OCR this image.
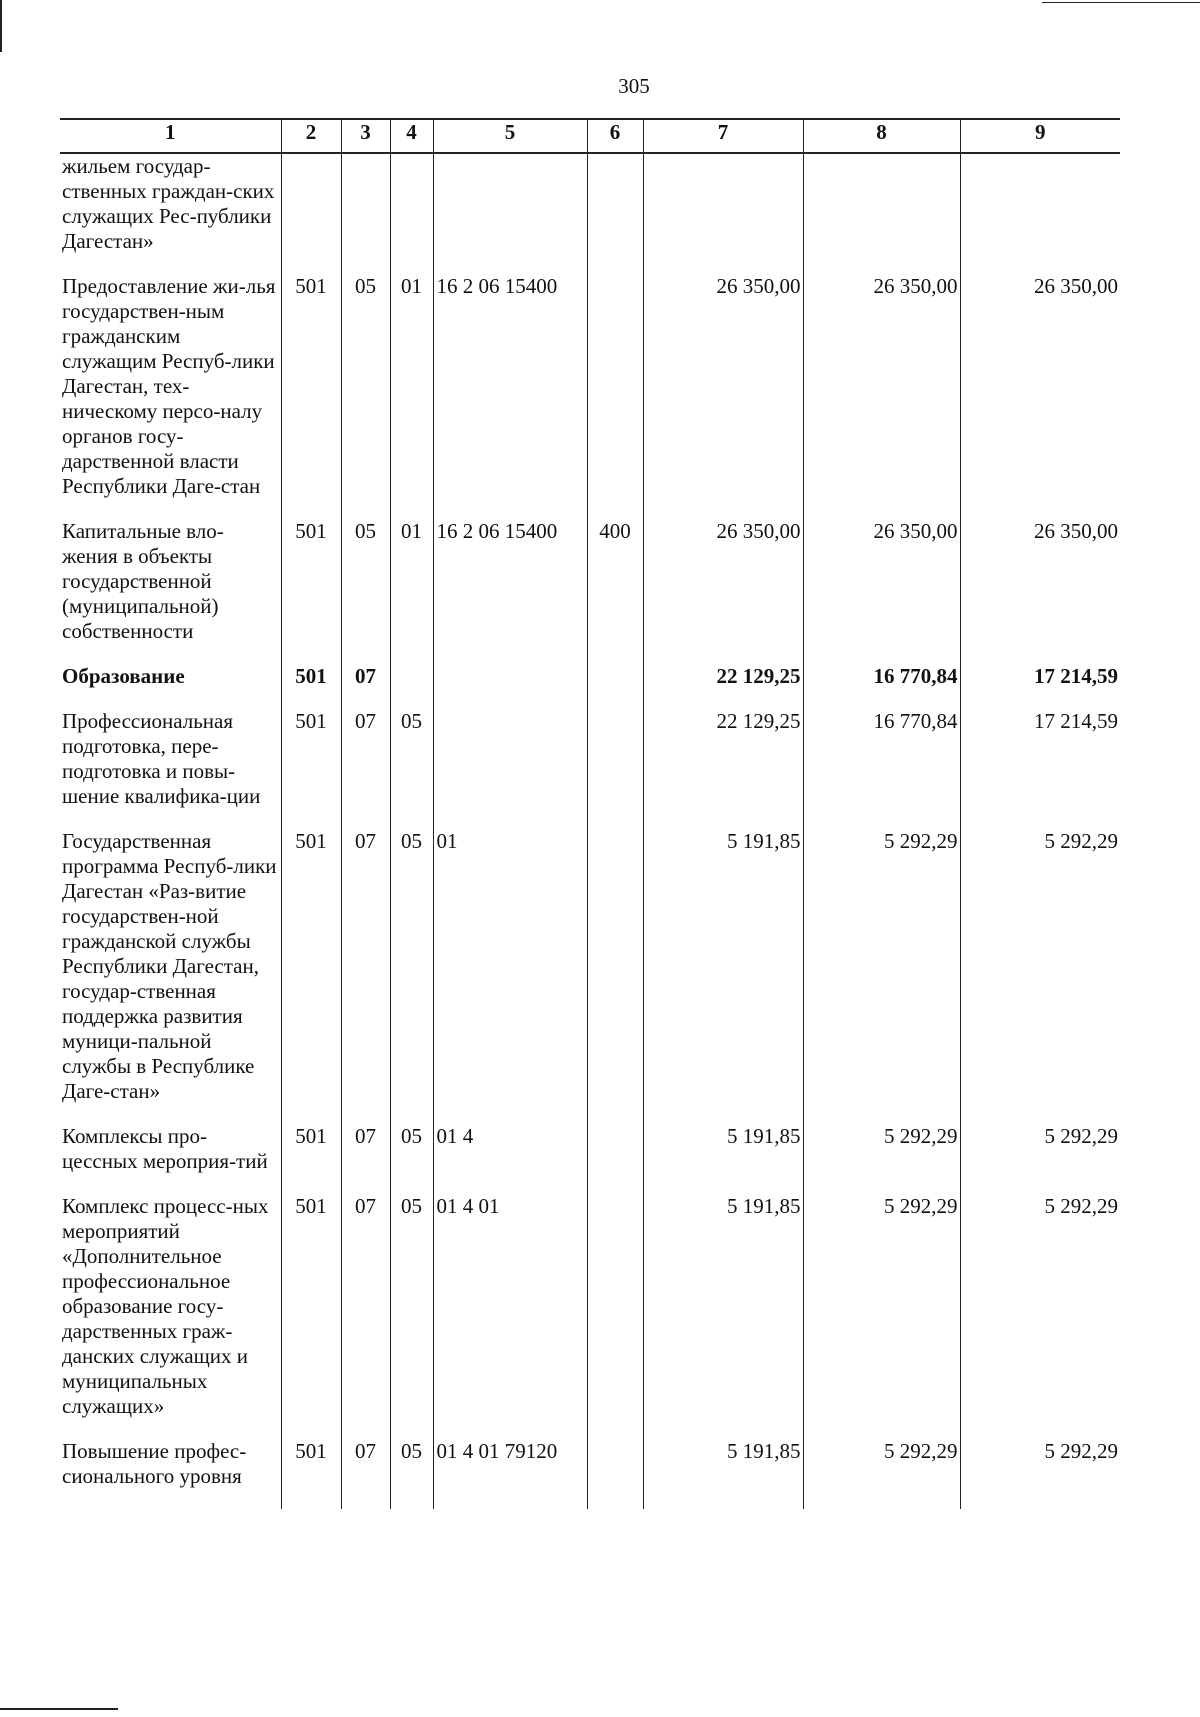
305
1	2	3	4	5	6	7	8	9
жильем государ-ственных граждан-ских служащих Рес-публики Дагестан»								
Предоставление жи-лья государствен-ным гражданским служащим Респуб-лики Дагестан, тех-ническому персо-налу органов госу-дарственной власти Республики Даге-стан	501	05	01	16 2 06 15400		26 350,00	26 350,00	26 350,00
Капитальные вло-жения в объекты государственной (муниципальной) собственности	501	05	01	16 2 06 15400	400	26 350,00	26 350,00	26 350,00
Образование	501	07				22 129,25	16 770,84	17 214,59
Профессиональная подготовка, пере-подготовка и повы-шение квалифика-ции	501	07	05			22 129,25	16 770,84	17 214,59
Государственная программа Респуб-лики Дагестан «Раз-витие государствен-ной гражданской службы Республики Дагестан, государ-ственная поддержка развития муници-пальной службы в Республике Даге-стан»	501	07	05	01		5 191,85	5 292,29	5 292,29
Комплексы про-цессных мероприя-тий	501	07	05	01 4		5 191,85	5 292,29	5 292,29
Комплекс процесс-ных мероприятий «Дополнительное профессиональное образование госу-дарственных граж-данских служащих и муниципальных служащих»	501	07	05	01 4 01		5 191,85	5 292,29	5 292,29
Повышение профес-сионального уровня	501	07	05	01 4 01 79120		5 191,85	5 292,29	5 292,29
